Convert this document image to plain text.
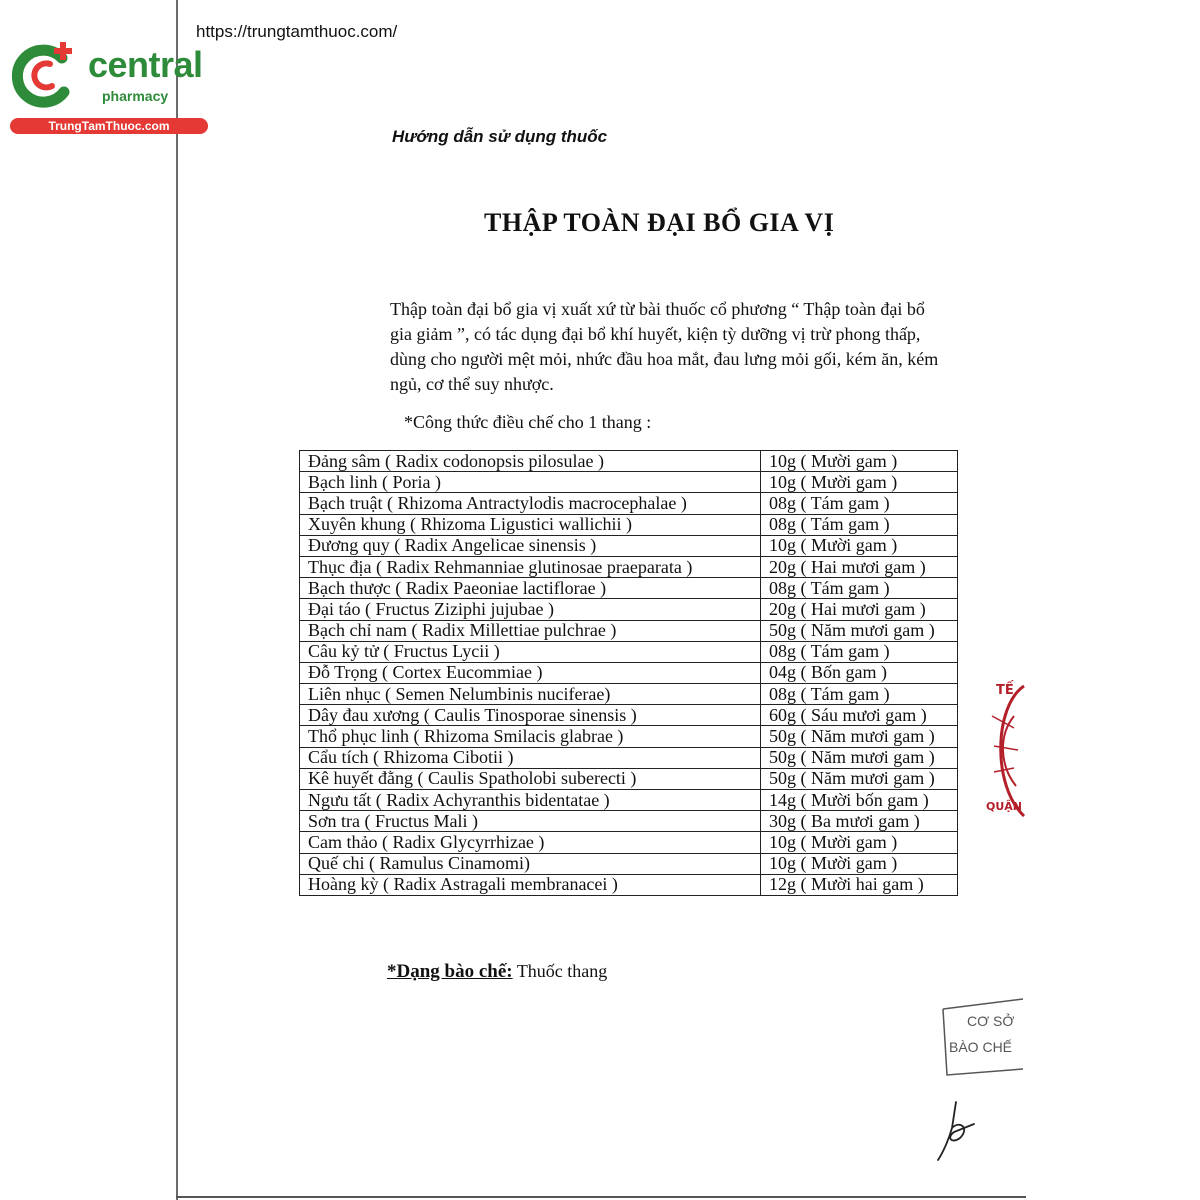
https://trungtamthuoc.com/
central
pharmacy
TrungTamThuoc.com
Hướng dẫn sử dụng thuốc
THẬP TOÀN ĐẠI BỔ GIA VỊ

Thập toàn đại bổ gia vị xuất xứ từ bài thuốc cổ phương “ Thập toàn đại bổ gia giảm ”, có tác dụng đại bổ khí huyết, kiện tỳ dưỡng vị trừ phong thấp, dùng cho người mệt mỏi, nhức đầu hoa mắt, đau lưng mỏi gối, kém ăn, kém ngủ, cơ thể suy nhược.

*Công thức điều chế cho 1 thang :
Đảng sâm ( Radix codonopsis pilosulae )	10g ( Mười gam )
Bạch linh ( Poria )	10g ( Mười gam )
Bạch truật ( Rhizoma Antractylodis macrocephalae )	08g ( Tám gam )
Xuyên khung ( Rhizoma Ligustici wallichii )	08g ( Tám gam )
Đương quy ( Radix Angelicae sinensis )	10g ( Mười gam )
Thục địa ( Radix Rehmanniae glutinosae praeparata )	20g ( Hai mươi gam )
Bạch thược ( Radix Paeoniae lactiflorae )	08g ( Tám gam )
Đại táo ( Fructus Ziziphi jujubae )	20g ( Hai mươi gam )
Bạch chỉ nam ( Radix Millettiae pulchrae )	50g ( Năm mươi gam )
Câu kỷ tử ( Fructus Lycii )	08g ( Tám gam )
Đỗ Trọng ( Cortex Eucommiae )	04g ( Bốn gam )
Liên nhục ( Semen Nelumbinis nuciferae)	08g ( Tám gam )
Dây đau xương ( Caulis Tinosporae sinensis )	60g ( Sáu mươi gam )
Thổ phục linh ( Rhizoma Smilacis glabrae )	50g ( Năm mươi gam )
Cẩu tích ( Rhizoma Cibotii )	50g ( Năm mươi gam )
Kê huyết đằng ( Caulis Spatholobi suberecti )	50g ( Năm mươi gam )
Ngưu tất ( Radix Achyranthis bidentatae )	14g ( Mười bốn gam )
Sơn tra ( Fructus Mali )	30g ( Ba mươi gam )
Cam thảo ( Radix Glycyrrhizae )	10g ( Mười gam )
Quế chi ( Ramulus Cinamomi)	10g ( Mười gam )
Hoàng kỳ ( Radix Astragali membranacei )	12g ( Mười hai gam )
*Dạng bào chế: Thuốc thang
TẾ
QUẬN
CƠ SỞ
BÀO CHẾ
